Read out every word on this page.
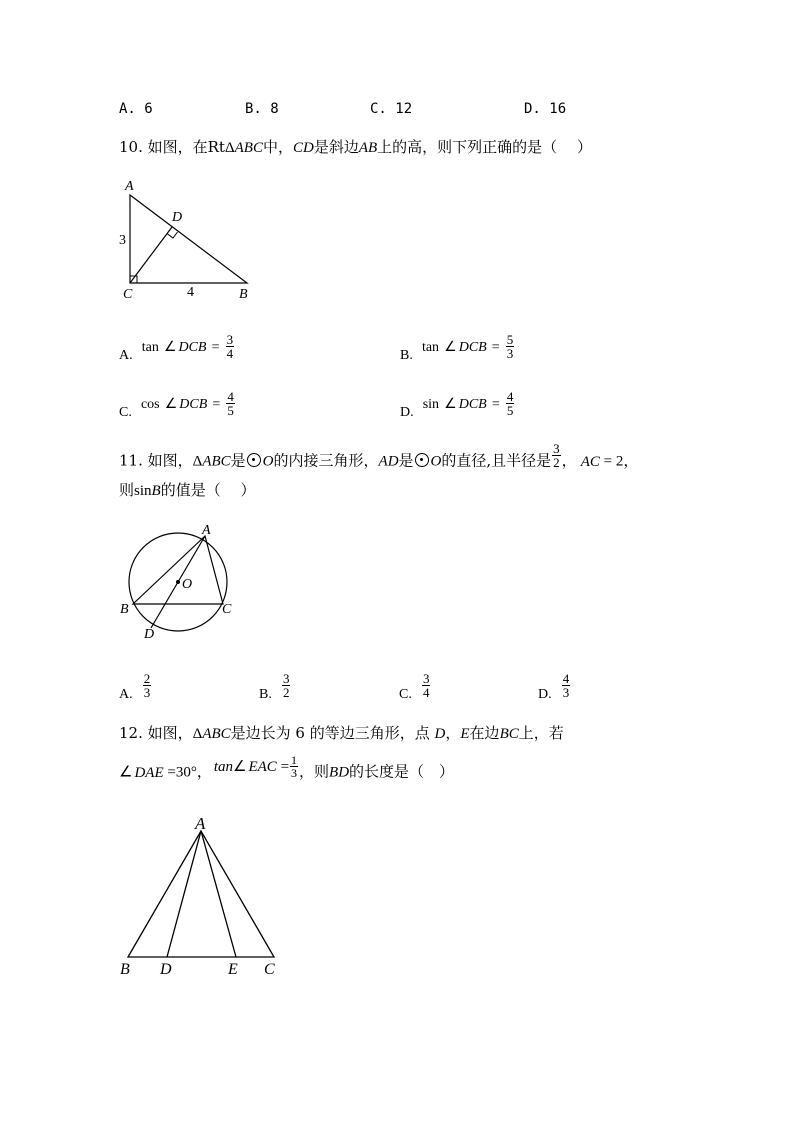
A. 6	B. 8	C. 12	D. 16
10. 如图，在RtΔABC中，CD是斜边AB上的高，则下列正确的是（　 ）
A
D
3
C	4	B
A. tan ∠ DCB = $\frac{3}{4}$	B. tan ∠ DCB = $\frac{5}{3}$
C. cos ∠ DCB = $\frac{4}{5}$	D. sin ∠ DCB = $\frac{4}{5}$
11. 如图，ΔABC是 O的内接三角形，AD是 O的直径,且半径是 $\frac{3}{2}$ ， AC = 2，
则sinB的值是（　 ）
A
O
B	C
D
A. $\frac{2}{3}$	B. $\frac{3}{2}$	C. $\frac{3}{4}$	D. $\frac{4}{3}$
12. 如图，ΔABC是边长为 6 的等边三角形，点 D，E在边BC上，若
∠ DAE =30°， tan∠ EAC = $\frac{1}{3}$ ，则BD的长度是（　）
A
B D	E C
